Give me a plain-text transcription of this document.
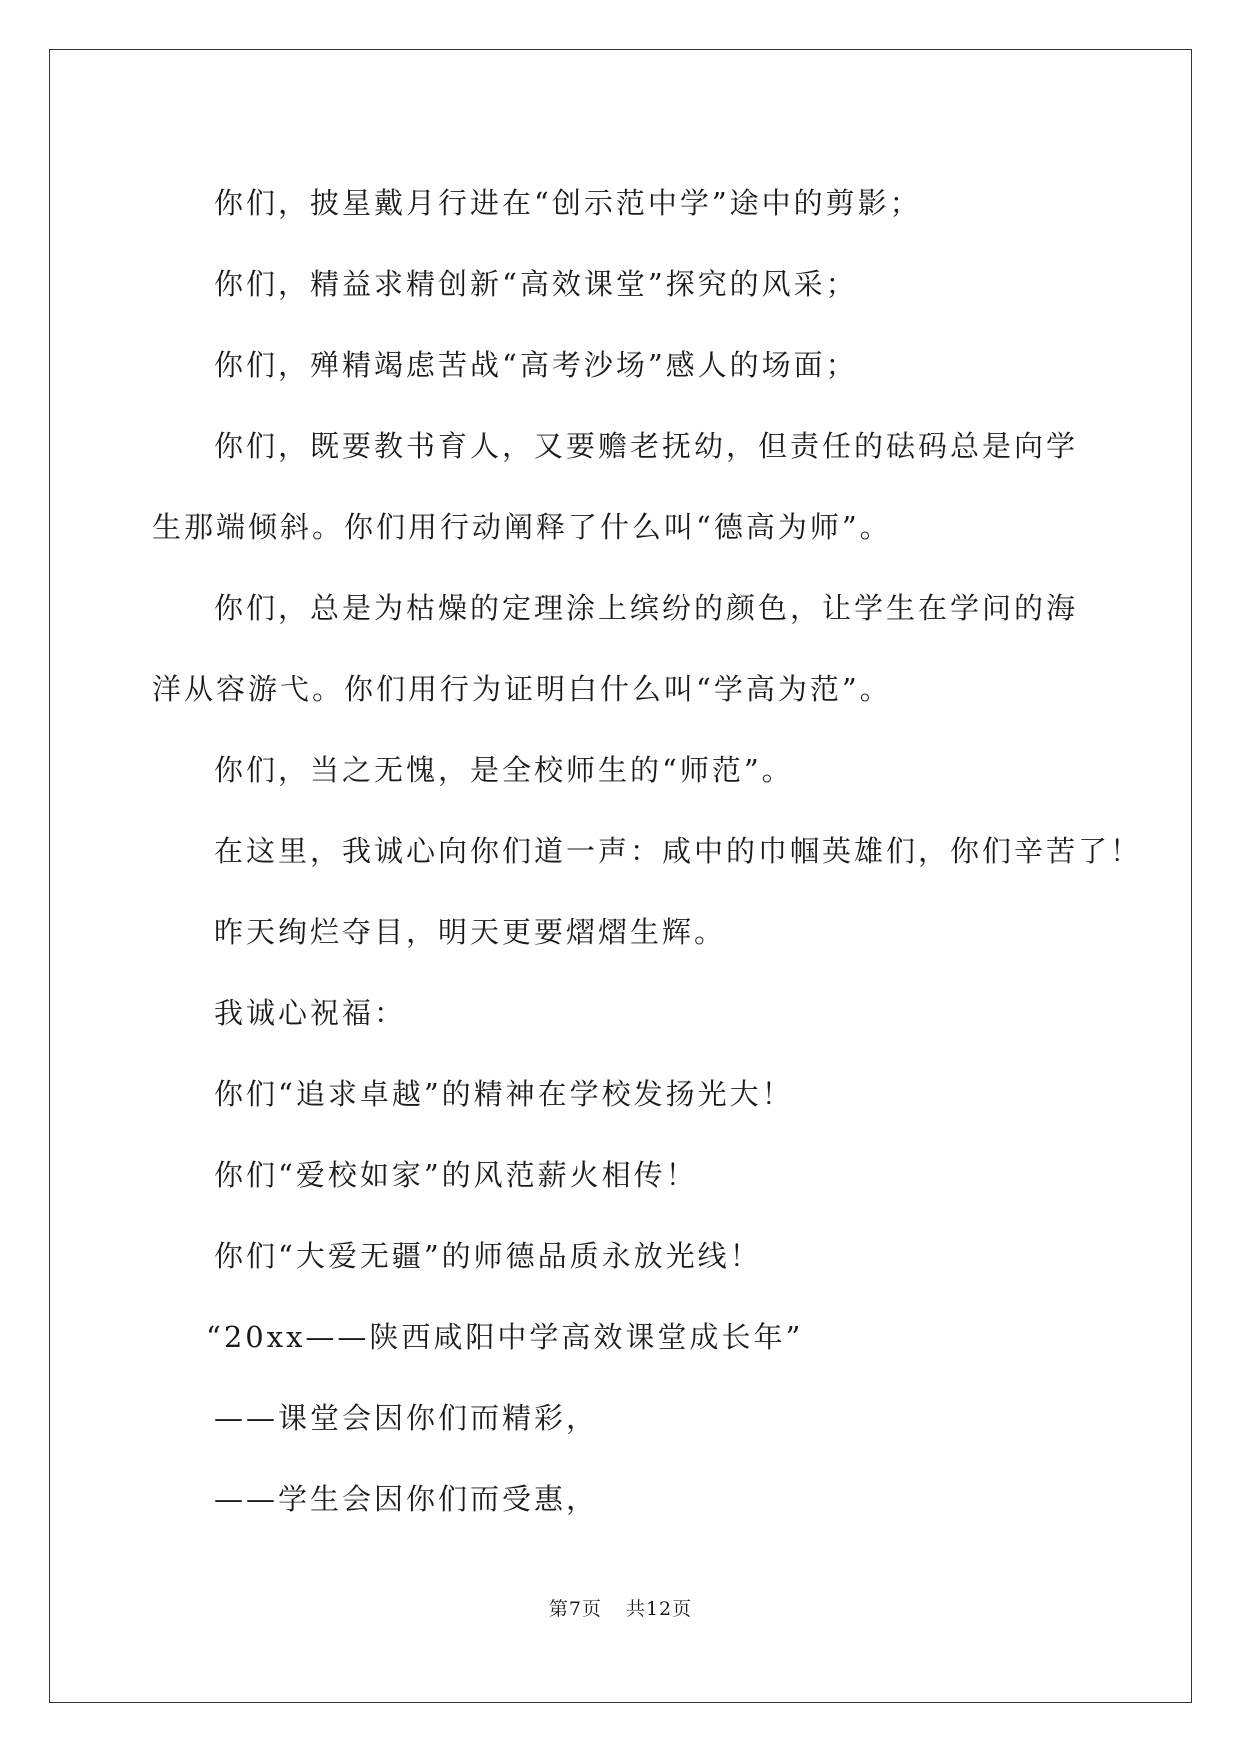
你们，披星戴月行进在“创示范中学”途中的剪影；

你们，精益求精创新“高效课堂”探究的风采；

你们，殚精竭虑苦战“高考沙场”感人的场面；

你们，既要教书育人，又要赡老抚幼，但责任的砝码总是向学生那端倾斜。你们用行动阐释了什么叫“德高为师”。

你们，总是为枯燥的定理涂上缤纷的颜色，让学生在学问的海洋从容游弋。你们用行为证明白什么叫“学高为范”。

你们，当之无愧，是全校师生的“师范”。

在这里，我诚心向你们道一声：咸中的巾帼英雄们，你们辛苦了！

昨天绚烂夺目，明天更要熠熠生辉。

我诚心祝福：

你们“追求卓越”的精神在学校发扬光大！

你们“爱校如家”的风范薪火相传！

你们“大爱无疆”的师德品质永放光线！

“20xx——陕西咸阳中学高效课堂成长年”

——课堂会因你们而精彩，

——学生会因你们而受惠，

第7页 共12页
